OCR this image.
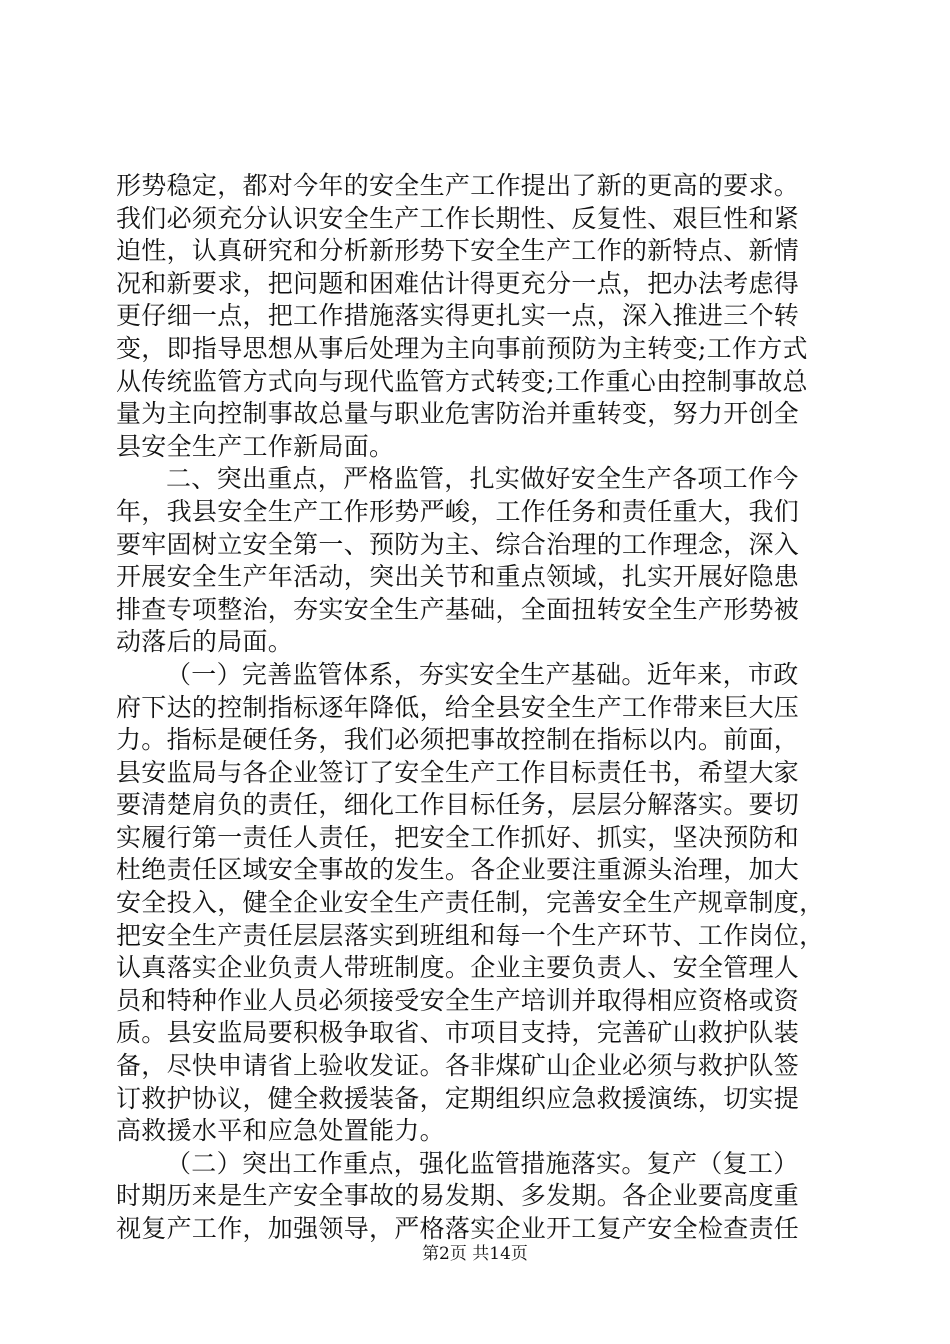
形势稳定，都对今年的安全生产工作提出了新的更高的要求。
我们必须充分认识安全生产工作长期性、反复性、艰巨性和紧
迫性，认真研究和分析新形势下安全生产工作的新特点、新情
况和新要求，把问题和困难估计得更充分一点，把办法考虑得
更仔细一点，把工作措施落实得更扎实一点，深入推进三个转
变，即指导思想从事后处理为主向事前预防为主转变;工作方式
从传统监管方式向与现代监管方式转变;工作重心由控制事故总
量为主向控制事故总量与职业危害防治并重转变，努力开创全
县安全生产工作新局面。
二、突出重点，严格监管，扎实做好安全生产各项工作今
年，我县安全生产工作形势严峻，工作任务和责任重大，我们
要牢固树立安全第一、预防为主、综合治理的工作理念，深入
开展安全生产年活动，突出关节和重点领域，扎实开展好隐患
排查专项整治，夯实安全生产基础，全面扭转安全生产形势被
动落后的局面。
（一）完善监管体系，夯实安全生产基础。近年来，市政
府下达的控制指标逐年降低，给全县安全生产工作带来巨大压
力。指标是硬任务，我们必须把事故控制在指标以内。前面，
县安监局与各企业签订了安全生产工作目标责任书，希望大家
要清楚肩负的责任，细化工作目标任务，层层分解落实。要切
实履行第一责任人责任，把安全工作抓好、抓实，坚决预防和
杜绝责任区域安全事故的发生。各企业要注重源头治理，加大
安全投入，健全企业安全生产责任制，完善安全生产规章制度，
把安全生产责任层层落实到班组和每一个生产环节、工作岗位，
认真落实企业负责人带班制度。企业主要负责人、安全管理人
员和特种作业人员必须接受安全生产培训并取得相应资格或资
质。县安监局要积极争取省、市项目支持，完善矿山救护队装
备，尽快申请省上验收发证。各非煤矿山企业必须与救护队签
订救护协议，健全救援装备，定期组织应急救援演练，切实提
高救援水平和应急处置能力。
（二）突出工作重点，强化监管措施落实。复产（复工）
时期历来是生产安全事故的易发期、多发期。各企业要高度重
视复产工作，加强领导，严格落实企业开工复产安全检查责任
第2页 共14页
